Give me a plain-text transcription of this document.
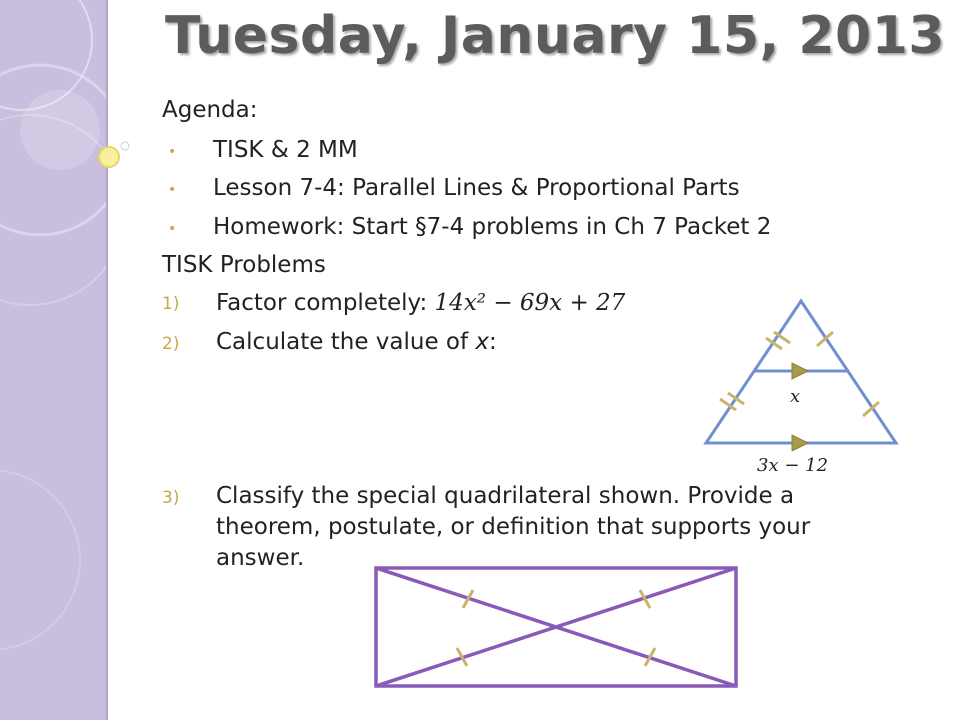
Tuesday, January 15, 2013
Agenda:
• TISK & 2 MM
• Lesson 7-4: Parallel Lines & Proportional Parts
• Homework: Start §7-4 problems in Ch 7 Packet 2
TISK Problems
1) Factor completely: 14x² − 69x + 27
2) Calculate the value of x:
3) Classify the special quadrilateral shown. Provide a
theorem, postulate, or definition that supports your
answer.
x
3x − 12
